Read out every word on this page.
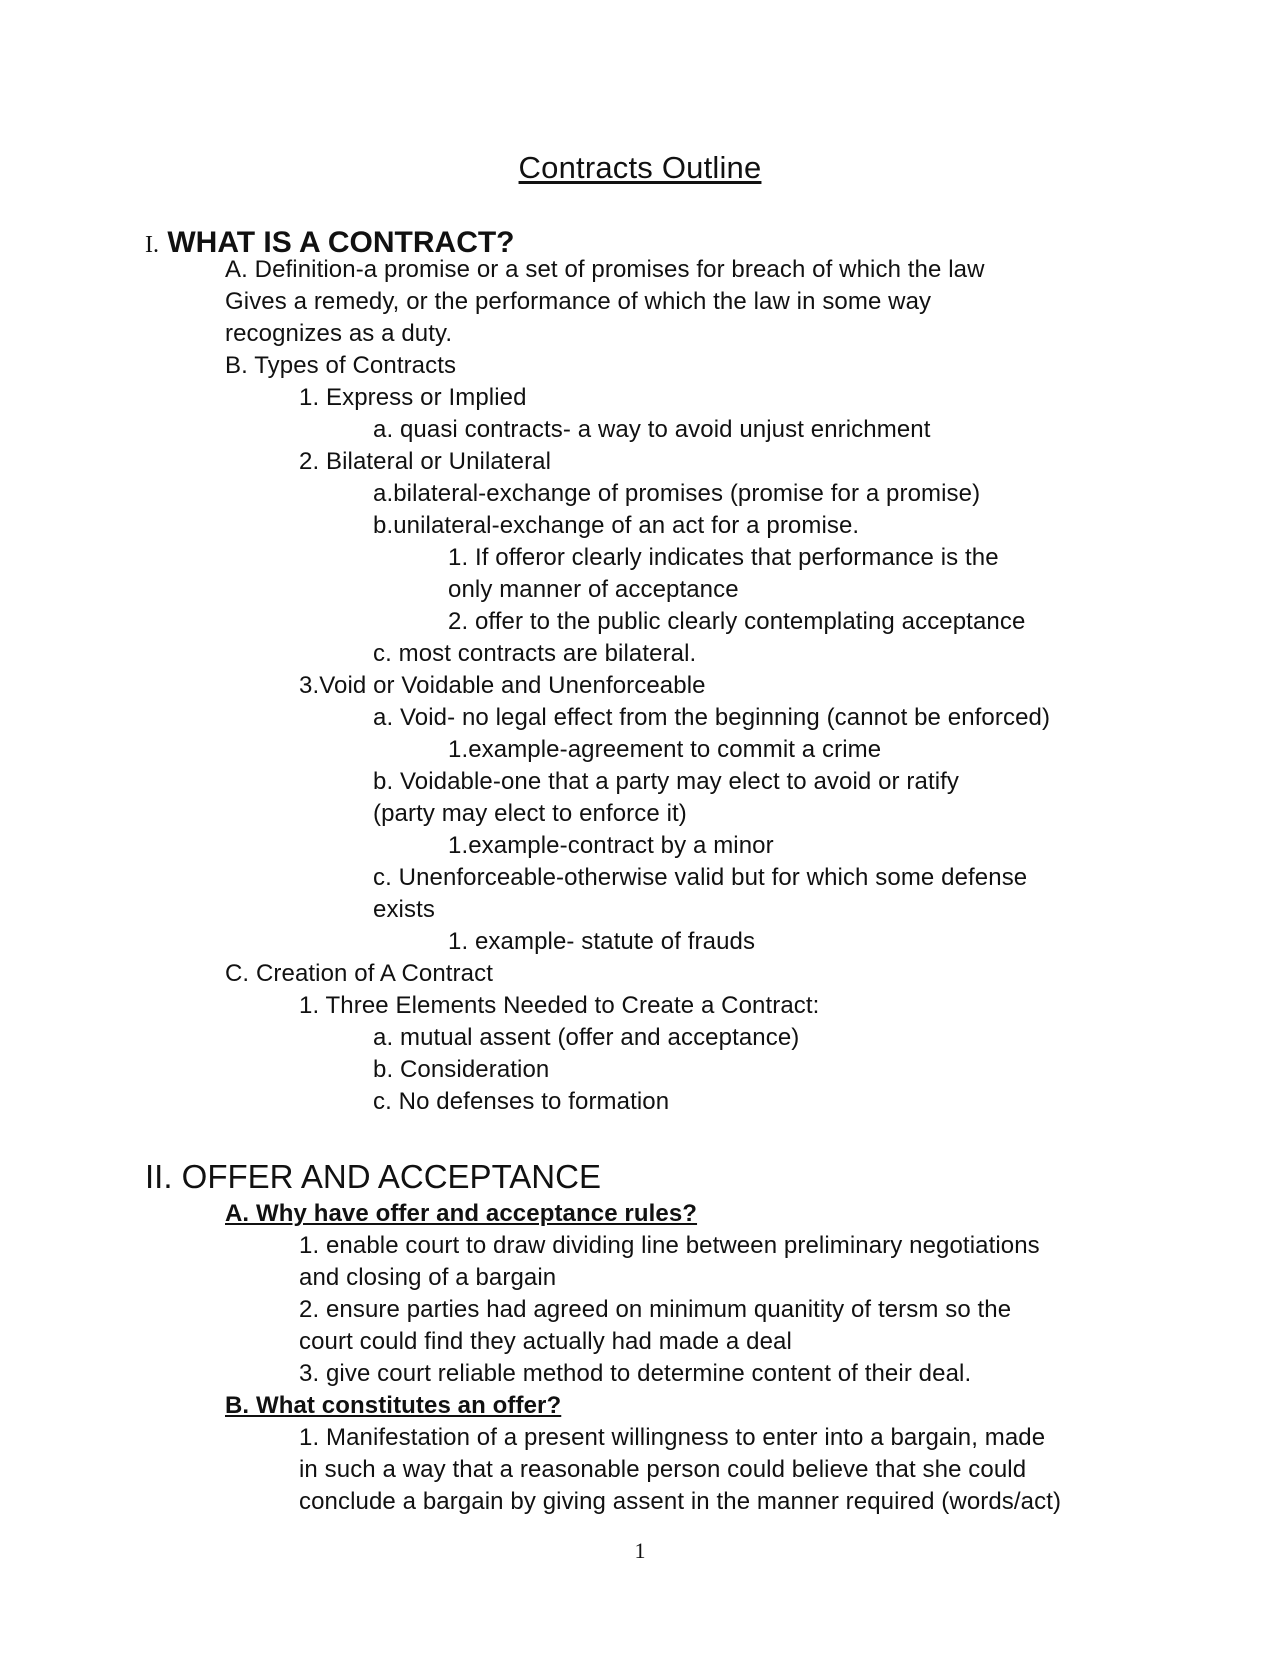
Contracts Outline
I. WHAT IS A CONTRACT?
A. Definition-a promise or a set of promises for breach of which the law
Gives a remedy, or the performance of which the law in some way
recognizes as a duty.
B. Types of Contracts
1. Express or Implied
a. quasi contracts- a way to avoid unjust enrichment
2. Bilateral or Unilateral
a.bilateral-exchange of promises (promise for a promise)
b.unilateral-exchange of an act for a promise.
1. If offeror clearly indicates that performance is the
only manner of acceptance
2. offer to the public clearly contemplating acceptance
c. most contracts are bilateral.
3.Void or Voidable and Unenforceable
a. Void- no legal effect from the beginning (cannot be enforced)
1.example-agreement to commit a crime
b. Voidable-one that a party may elect to avoid or ratify
(party may elect to enforce it)
1.example-contract by a minor
c. Unenforceable-otherwise valid but for which some defense
exists
1. example- statute of frauds
C. Creation of A Contract
1. Three Elements Needed to Create a Contract:
a. mutual assent (offer and acceptance)
b. Consideration
c. No defenses to formation
II. OFFER AND ACCEPTANCE
A. Why have offer and acceptance rules?
1. enable court to draw dividing line between preliminary negotiations
and closing of a bargain
2. ensure parties had agreed on minimum quanitity of tersm so the
court could find they actually had made a deal
3. give court reliable method to determine content of their deal.
B. What constitutes an offer?
1. Manifestation of a present willingness to enter into a bargain, made
in such a way that a reasonable person could believe that she could
conclude a bargain by giving assent in the manner required (words/act)
1
